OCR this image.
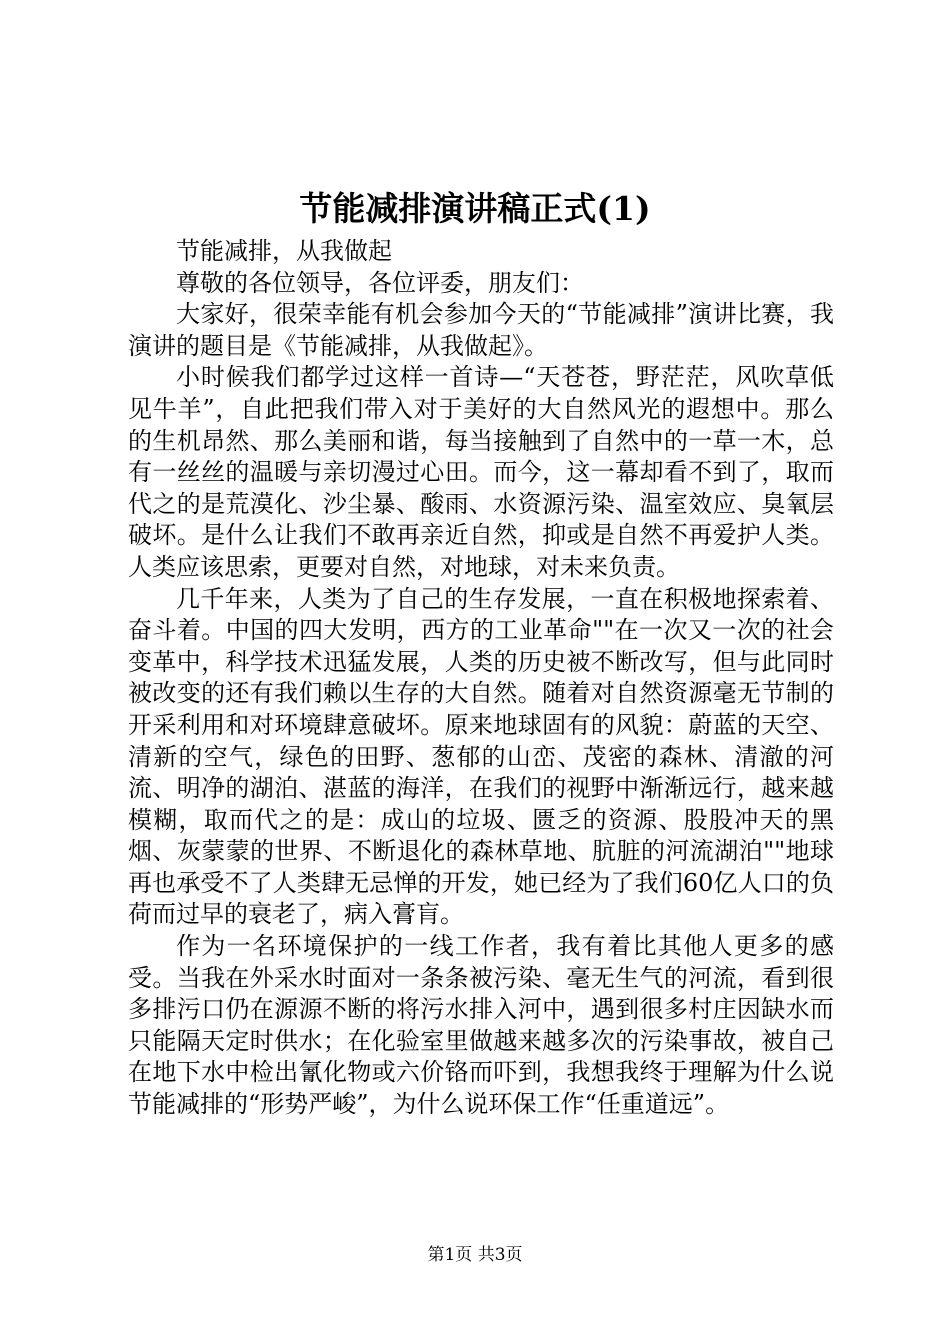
节能减排演讲稿正式(1)

节能减排，从我做起

尊敬的各位领导，各位评委，朋友们：

大家好，很荣幸能有机会参加今天的“节能减排”演讲比赛，我演讲的题目是《节能减排，从我做起》。

小时候我们都学过这样一首诗—“天苍苍，野茫茫，风吹草低见牛羊”，自此把我们带入对于美好的大自然风光的遐想中。那么的生机昂然、那么美丽和谐，每当接触到了自然中的一草一木，总有一丝丝的温暖与亲切漫过心田。而今，这一幕却看不到了，取而代之的是荒漠化、沙尘暴、酸雨、水资源污染、温室效应、臭氧层破坏。是什么让我们不敢再亲近自然，抑或是自然不再爱护人类。人类应该思索，更要对自然，对地球，对未来负责。

几千年来，人类为了自己的生存发展，一直在积极地探索着、奋斗着。中国的四大发明，西方的工业革命""在一次又一次的社会变革中，科学技术迅猛发展，人类的历史被不断改写，但与此同时被改变的还有我们赖以生存的大自然。随着对自然资源毫无节制的开采利用和对环境肆意破坏。原来地球固有的风貌：蔚蓝的天空、清新的空气，绿色的田野、葱郁的山峦、茂密的森林、清澈的河流、明净的湖泊、湛蓝的海洋，在我们的视野中渐渐远行，越来越模糊，取而代之的是：成山的垃圾、匮乏的资源、股股冲天的黑烟、灰蒙蒙的世界、不断退化的森林草地、肮脏的河流湖泊""地球再也承受不了人类肆无忌惮的开发，她已经为了我们60亿人口的负荷而过早的衰老了，病入膏肓。

作为一名环境保护的一线工作者，我有着比其他人更多的感受。当我在外采水时面对一条条被污染、毫无生气的河流，看到很多排污口仍在源源不断的将污水排入河中，遇到很多村庄因缺水而只能隔天定时供水；在化验室里做越来越多次的污染事故，被自己在地下水中检出氰化物或六价铬而吓到，我想我终于理解为什么说节能减排的“形势严峻”，为什么说环保工作“任重道远”。

第1页 共3页
